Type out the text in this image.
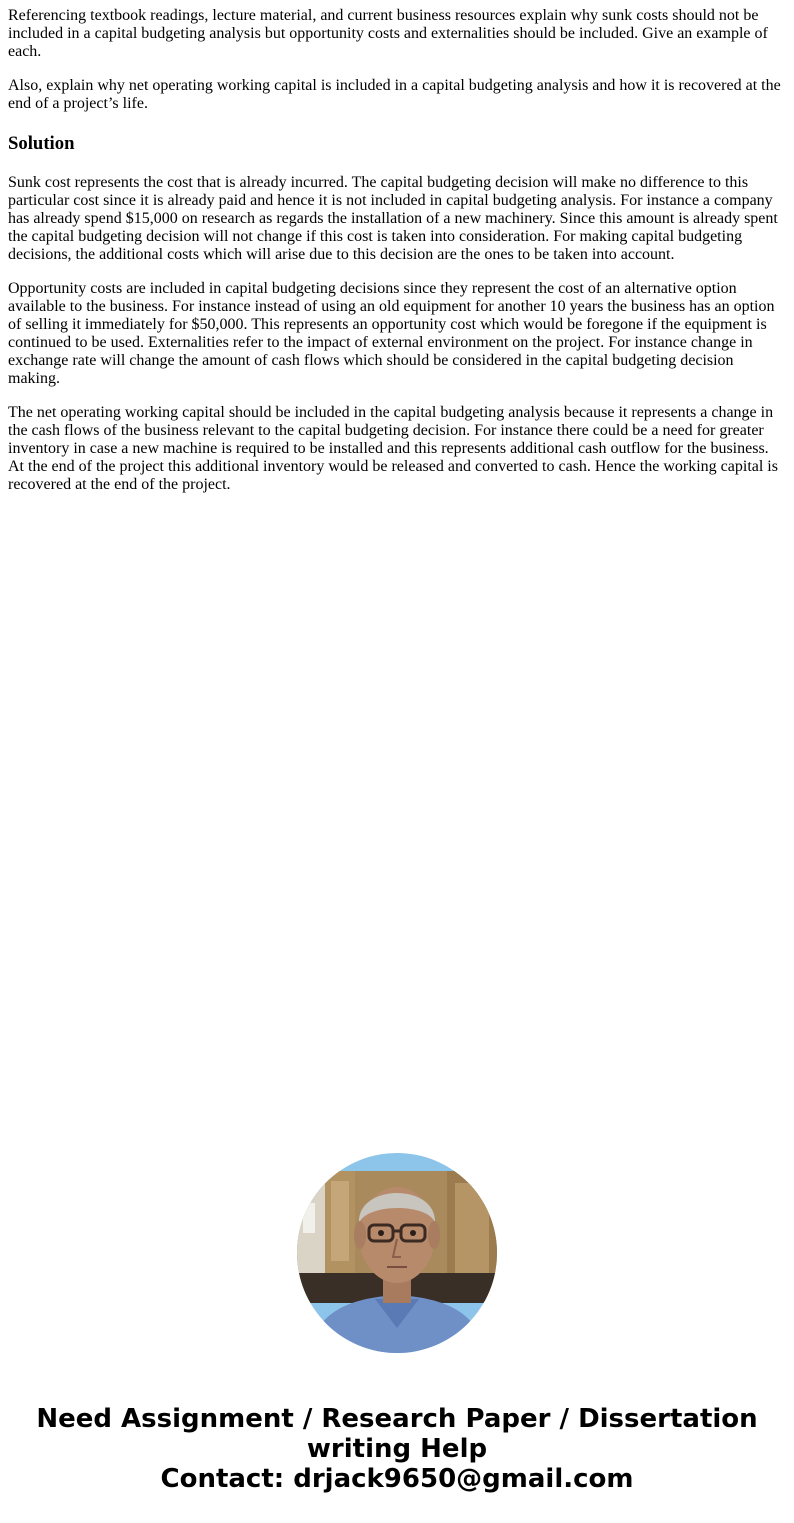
Referencing textbook readings, lecture material, and current business resources explain why sunk costs should not be included in a capital budgeting analysis but opportunity costs and externalities should be included. Give an example of each.

Also, explain why net operating working capital is included in a capital budgeting analysis and how it is recovered at the end of a project’s life.

Solution

Sunk cost represents the cost that is already incurred. The capital budgeting decision will make no difference to this particular cost since it is already paid and hence it is not included in capital budgeting analysis. For instance a company has already spend $15,000 on research as regards the installation of a new machinery. Since this amount is already spent the capital budgeting decision will not change if this cost is taken into consideration. For making capital budgeting decisions, the additional costs which will arise due to this decision are the ones to be taken into account.

Opportunity costs are included in capital budgeting decisions since they represent the cost of an alternative option available to the business. For instance instead of using an old equipment for another 10 years the business has an option of selling it immediately for $50,000. This represents an opportunity cost which would be foregone if the equipment is continued to be used. Externalities refer to the impact of external environment on the project. For instance change in exchange rate will change the amount of cash flows which should be considered in the capital budgeting decision making.

The net operating working capital should be included in the capital budgeting analysis because it represents a change in the cash flows of the business relevant to the capital budgeting decision. For instance there could be a need for greater inventory in case a new machine is required to be installed and this represents additional cash outflow for the business. At the end of the project this additional inventory would be released and converted to cash. Hence the working capital is recovered at the end of the project.

Need Assignment / Research Paper / Dissertation
writing Help
Contact: drjack9650@gmail.com
